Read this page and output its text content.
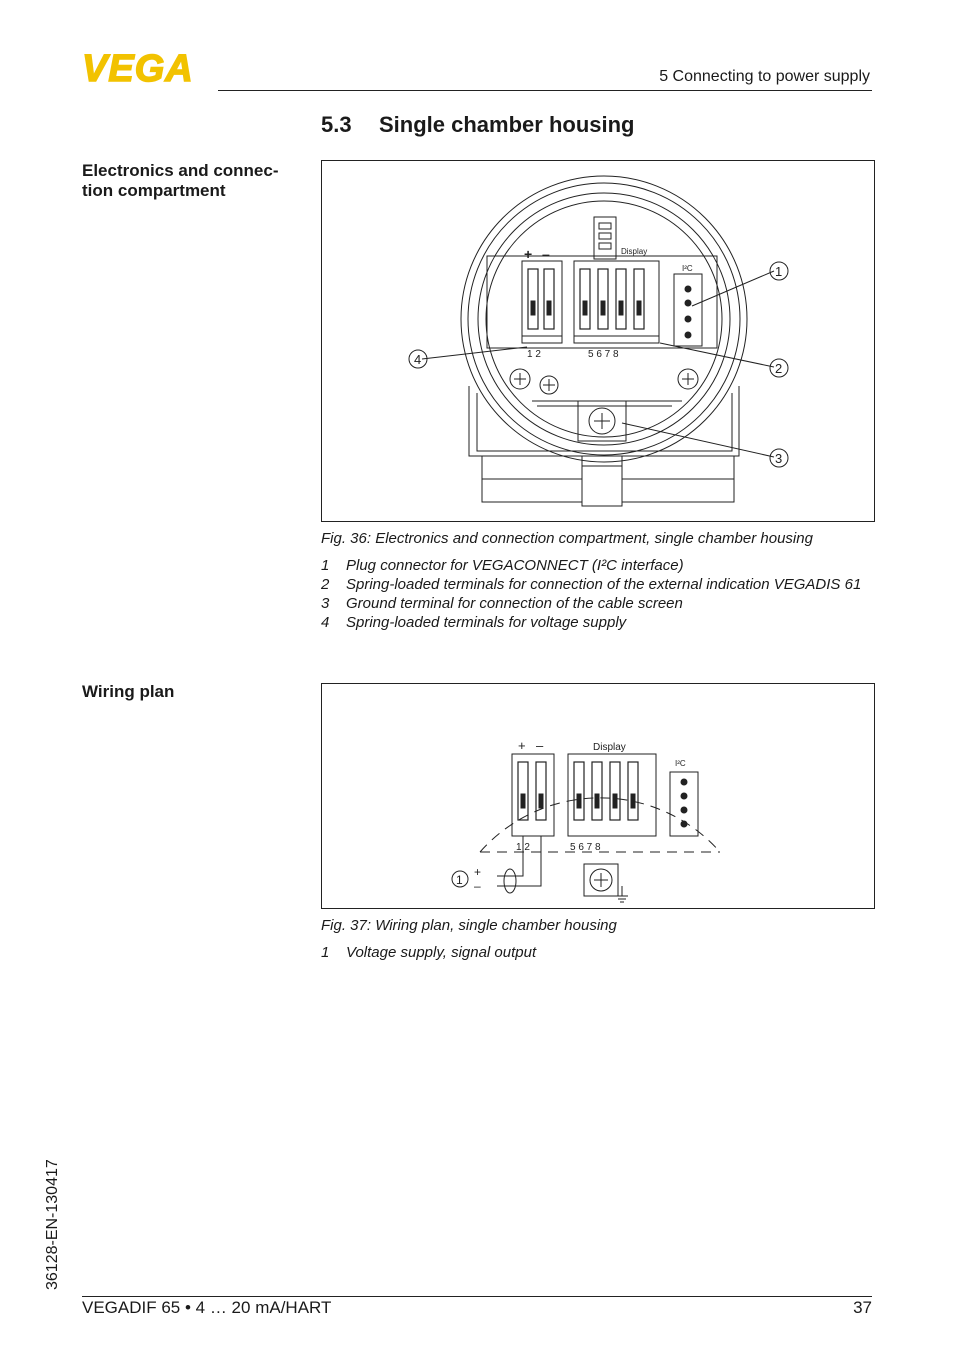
VEGA	5 Connecting to power supply
5.3 Single chamber housing
Electronics and connec-tion compartment
1
2
3
4
Display
I²C
+ –
1 2	5 6 7 8
Fig. 36: Electronics and connection compartment, single chamber housing
1	Plug connector for VEGACONNECT (I²C interface)
2	Spring-loaded terminals for connection of the external indication VEGADIS 61
3	Ground terminal for connection of the cable screen
4	Spring-loaded terminals for voltage supply
Wiring plan
1
+
–
Display
I²C
+ –
1 2	5 6 7 8
Fig. 37: Wiring plan, single chamber housing
1	Voltage supply, signal output
36128-EN-130417
VEGADIF 65 • 4 … 20 mA/HART	37
